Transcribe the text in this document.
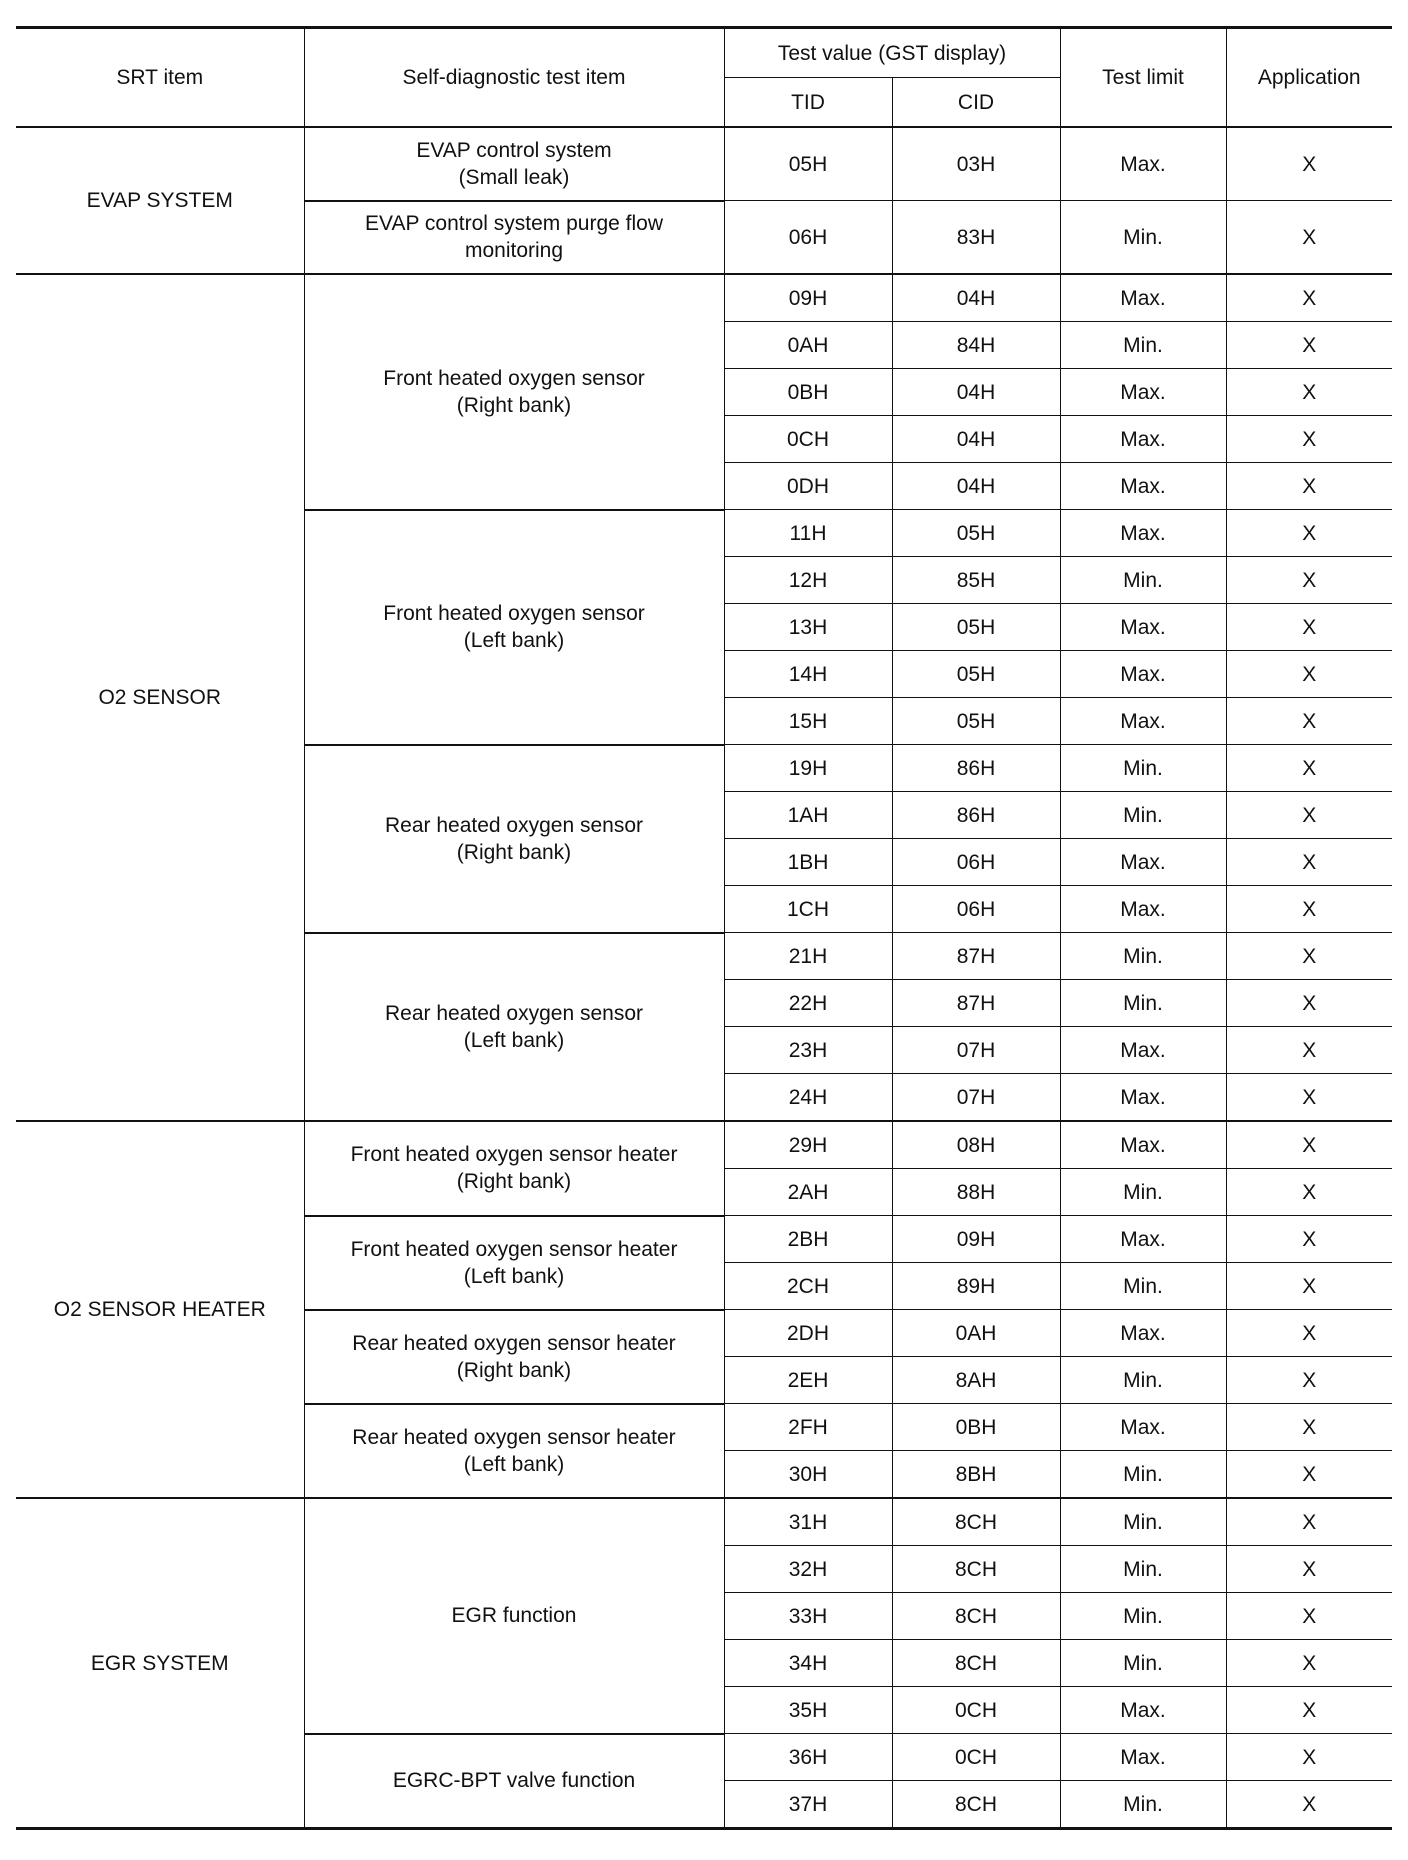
SRT item	Self-diagnostic test item	Test value (GST display)		Test limit	Application
		TID	CID		
EVAP SYSTEM	EVAP control system
(Small leak)	05H	03H	Max.	X
	EVAP control system purge flow
monitoring	06H	83H	Min.	X
O2 SENSOR	Front heated oxygen sensor
(Right bank)	09H	04H	Max.	X
		0AH	84H	Min.	X
		0BH	04H	Max.	X
		0CH	04H	Max.	X
		0DH	04H	Max.	X
	Front heated oxygen sensor
(Left bank)	11H	05H	Max.	X
		12H	85H	Min.	X
		13H	05H	Max.	X
		14H	05H	Max.	X
		15H	05H	Max.	X
	Rear heated oxygen sensor
(Right bank)	19H	86H	Min.	X
		1AH	86H	Min.	X
		1BH	06H	Max.	X
		1CH	06H	Max.	X
	Rear heated oxygen sensor
(Left bank)	21H	87H	Min.	X
		22H	87H	Min.	X
		23H	07H	Max.	X
		24H	07H	Max.	X
O2 SENSOR HEATER	Front heated oxygen sensor heater
(Right bank)	29H	08H	Max.	X
		2AH	88H	Min.	X
	Front heated oxygen sensor heater
(Left bank)	2BH	09H	Max.	X
		2CH	89H	Min.	X
	Rear heated oxygen sensor heater
(Right bank)	2DH	0AH	Max.	X
		2EH	8AH	Min.	X
	Rear heated oxygen sensor heater
(Left bank)	2FH	0BH	Max.	X
		30H	8BH	Min.	X
EGR SYSTEM	EGR function	31H	8CH	Min.	X
		32H	8CH	Min.	X
		33H	8CH	Min.	X
		34H	8CH	Min.	X
		35H	0CH	Max.	X
	EGRC-BPT valve function	36H	0CH	Max.	X
		37H	8CH	Min.	X
